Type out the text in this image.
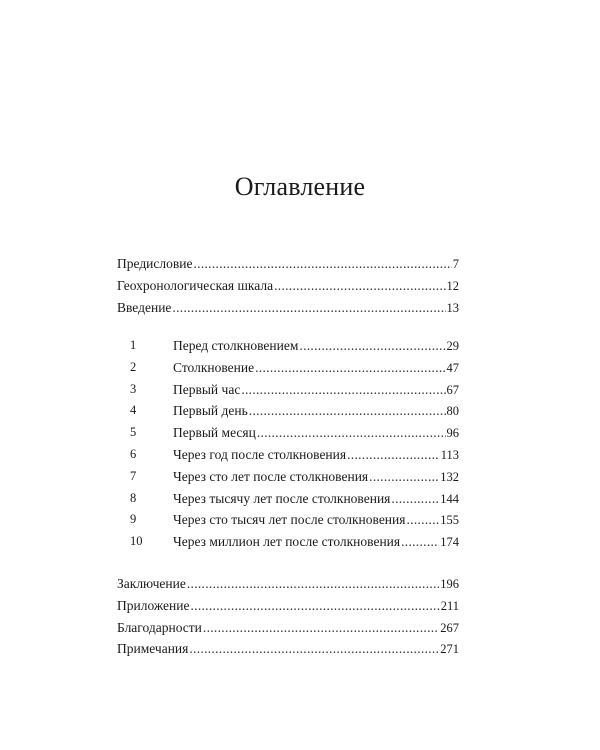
Оглавление
Предисловие .....	7
Геохронологическая шкала .....	12
Введение .....	13
1	Перед столкновением .....	29
2	Столкновение .....	47
3	Первый час .....	67
4	Первый день .....	80
5	Первый месяц .....	96
6	Через год после столкновения .....	113
7	Через сто лет после столкновения .....	132
8	Через тысячу лет после столкновения .....	144
9	Через сто тысяч лет после столкновения .....	155
10	Через миллион лет после столкновения .....	174
Заключение .....	196
Приложение .....	211
Благодарности .....	267
Примечания .....	271
